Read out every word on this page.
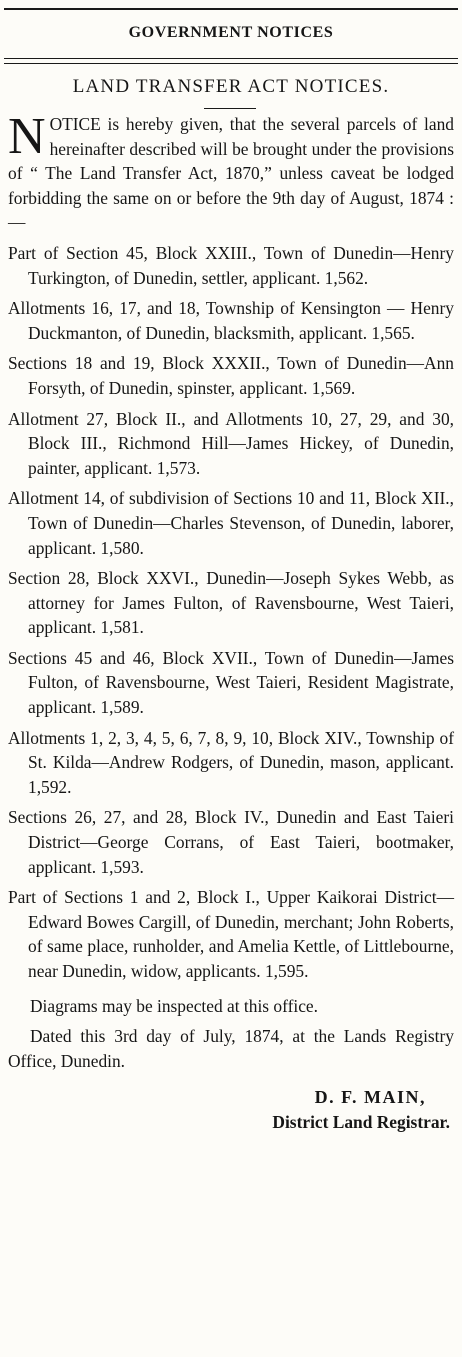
GOVERNMENT NOTICES
LAND TRANSFER ACT NOTICES.

NOTICE is hereby given, that the several parcels of land hereinafter described will be brought under the provisions of “ The Land Transfer Act, 1870,” unless caveat be lodged forbidding the same on or before the 9th day of August, 1874 :—

Part of Section 45, Block XXIII., Town of Dunedin—Henry Turkington, of Dunedin, settler, applicant. 1,562.

Allotments 16, 17, and 18, Township of Kensington — Henry Duckmanton, of Dunedin, blacksmith, applicant. 1,565.

Sections 18 and 19, Block XXXII., Town of Dunedin—Ann Forsyth, of Dunedin, spinster, applicant. 1,569.

Allotment 27, Block II., and Allotments 10, 27, 29, and 30, Block III., Richmond Hill—James Hickey, of Dunedin, painter, applicant. 1,573.

Allotment 14, of subdivision of Sections 10 and 11, Block XII., Town of Dunedin—Charles Stevenson, of Dunedin, laborer, applicant. 1,580.

Section 28, Block XXVI., Dunedin—Joseph Sykes Webb, as attorney for James Fulton, of Ravensbourne, West Taieri, applicant. 1,581.

Sections 45 and 46, Block XVII., Town of Dunedin—James Fulton, of Ravensbourne, West Taieri, Resident Magistrate, applicant. 1,589.

Allotments 1, 2, 3, 4, 5, 6, 7, 8, 9, 10, Block XIV., Township of St. Kilda—Andrew Rodgers, of Dunedin, mason, applicant. 1,592.

Sections 26, 27, and 28, Block IV., Dunedin and East Taieri District—George Corrans, of East Taieri, bootmaker, applicant. 1,593.

Part of Sections 1 and 2, Block I., Upper Kaikorai District—Edward Bowes Cargill, of Dunedin, merchant; John Roberts, of same place, runholder, and Amelia Kettle, of Littlebourne, near Dunedin, widow, applicants. 1,595.

Diagrams may be inspected at this office.

Dated this 3rd day of July, 1874, at the Lands Registry Office, Dunedin.

D. F. MAIN,

District Land Registrar.
